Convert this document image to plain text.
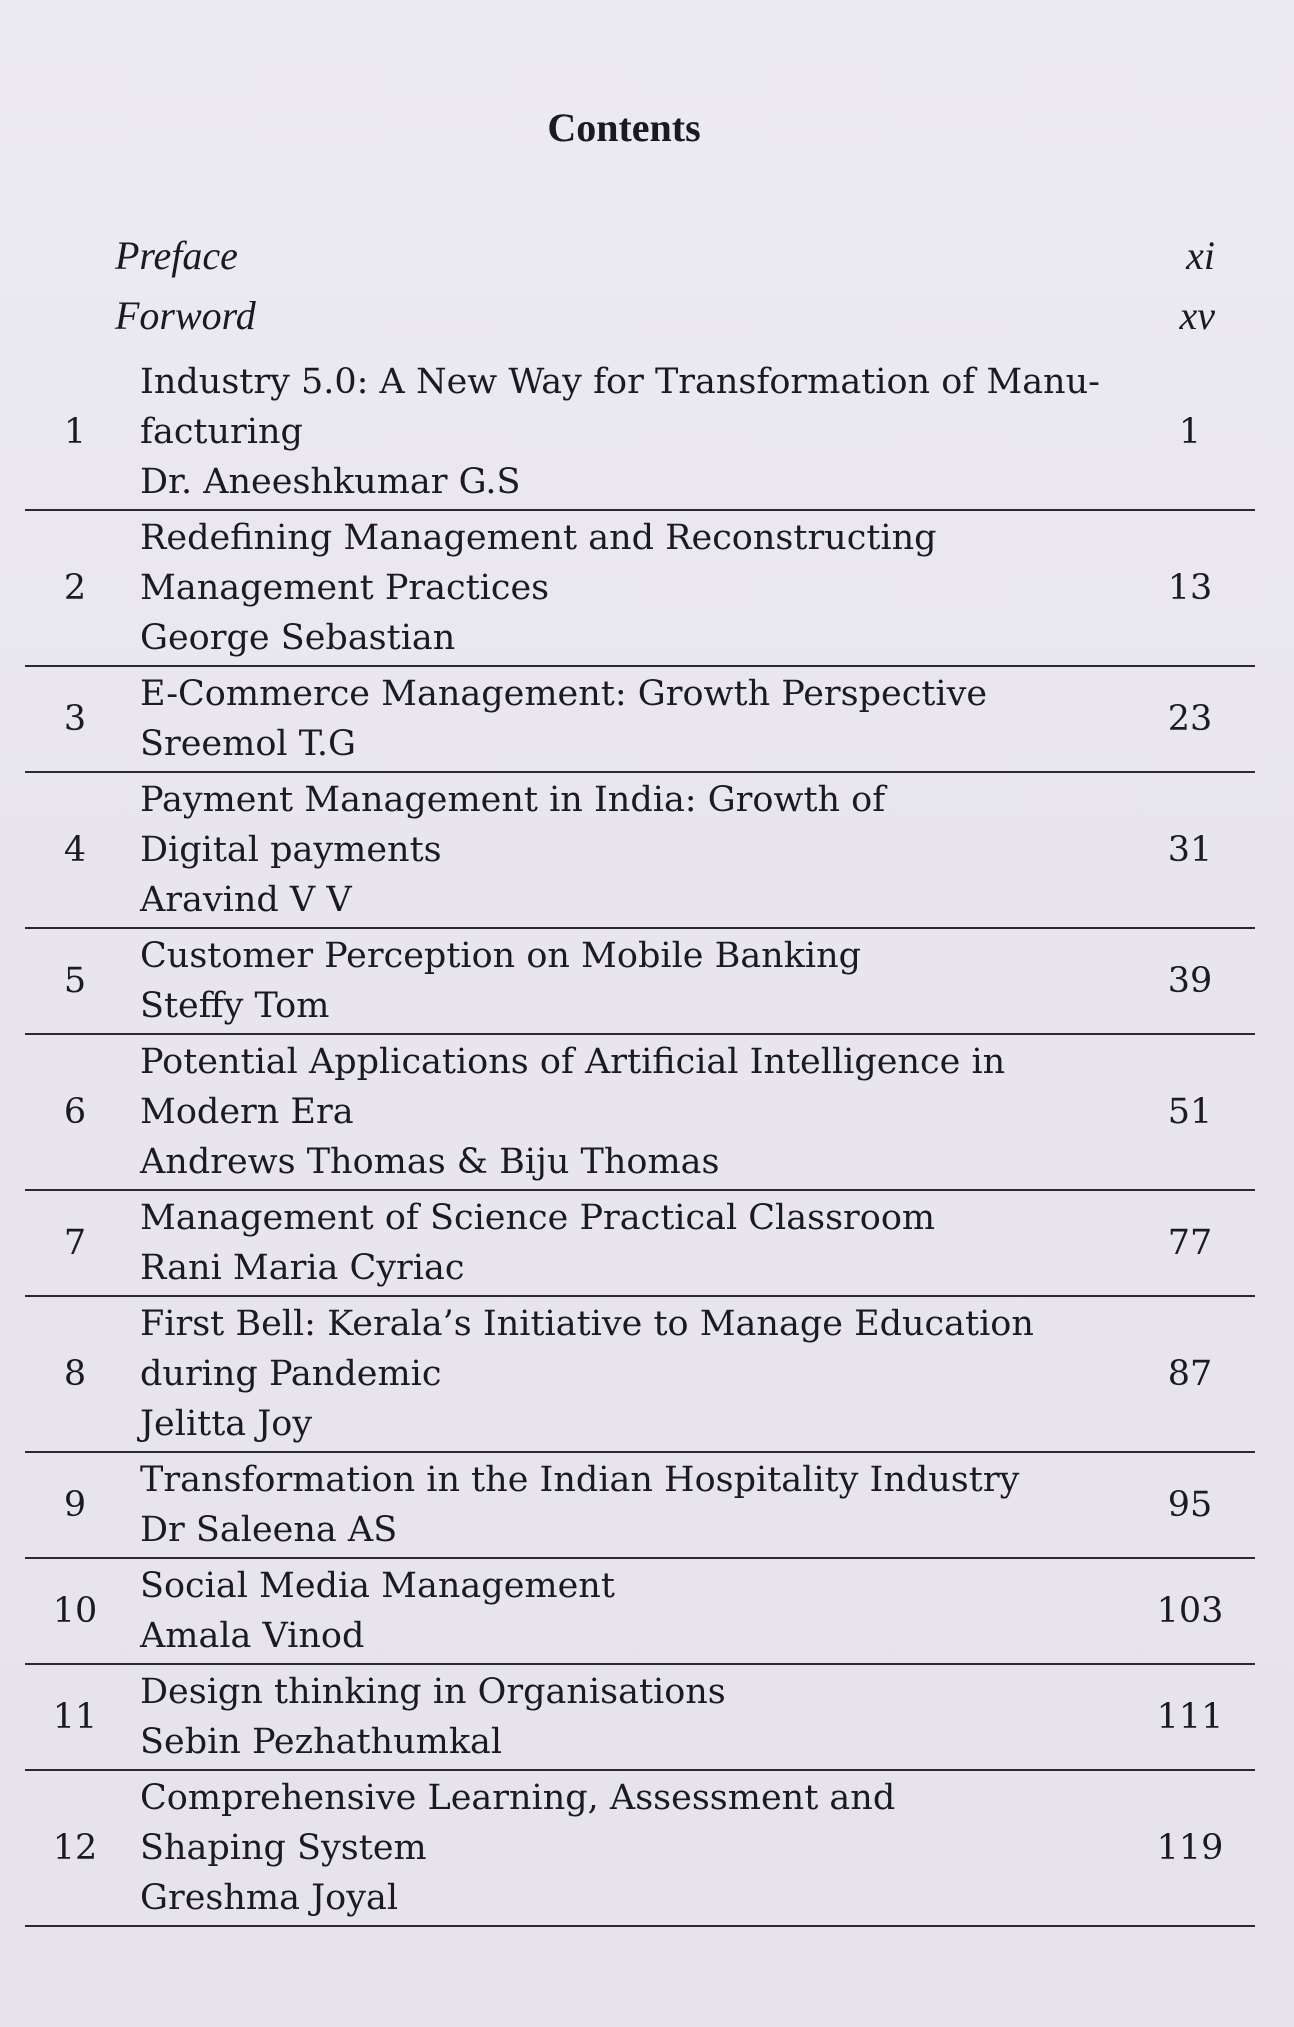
Contents
Preface	xi
Forword	xv
1
Industry 5.0: A New Way for Transformation of Manu-
facturing
Dr. Aneeshkumar G.S
1
2
Redefining Management and Reconstructing
Management Practices
George Sebastian
13
3
E-Commerce Management: Growth Perspective
Sreemol T.G
23
4
Payment Management in India: Growth of
Digital payments
Aravind V V
31
5
Customer Perception on Mobile Banking
Steffy Tom
39
6
Potential Applications of Artificial Intelligence in
Modern Era
Andrews Thomas & Biju Thomas
51
7
Management of Science Practical Classroom
Rani Maria Cyriac
77
8
First Bell: Kerala’s Initiative to Manage Education
during Pandemic
Jelitta Joy
87
9
Transformation in the Indian Hospitality Industry
Dr Saleena AS
95
10
Social Media Management
Amala Vinod
103
11
Design thinking in Organisations
Sebin Pezhathumkal
111
12
Comprehensive Learning, Assessment and
Shaping System
Greshma Joyal
119
